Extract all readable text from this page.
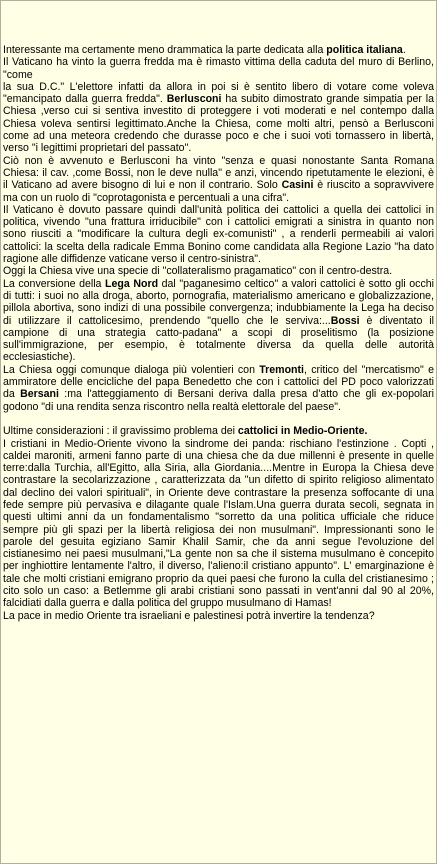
Interessante ma certamente meno drammatica la parte dedicata alla politica italiana.

Il Vaticano ha vinto la guerra fredda ma è rimasto vittima della caduta del muro di Berlino, "come

la sua D.C." L'elettore infatti da allora in poi si è sentito libero di votare come voleva "emancipato dalla guerra fredda". Berlusconi ha subito dimostrato grande simpatia per la Chiesa ,verso cui si sentiva investito di proteggere i voti moderati e nel contempo dalla Chiesa voleva sentirsi legittimato.Anche la Chiesa, come molti altri, pensò a Berlusconi come ad una meteora credendo che durasse poco e che i suoi voti tornassero in libertà, verso "i legittimi proprietari del passato".

Ciò non è avvenuto e Berlusconi ha vinto "senza e quasi nonostante Santa Romana Chiesa: il cav. ,come Bossi, non le deve nulla" e anzi, vincendo ripetutamente le elezioni, è il Vaticano ad avere bisogno di lui e non il contrario. Solo Casini è riuscito a sopravvivere ma con un ruolo di "coprotagonista e percentuali a una cifra".

Il Vaticano è dovuto passare quindi dall'unità politica dei cattolici a quella dei cattolici in politica, vivendo "una frattura irriducibile" con i cattolici emigrati a sinistra in quanto non sono riusciti a "modificare la cultura degli ex-comunisti" , a renderli permeabili ai valori cattolici: la scelta della radicale Emma Bonino come candidata alla Regione Lazio "ha dato ragione alle diffidenze vaticane verso il centro-sinistra".

Oggi la Chiesa vive una specie di "collateralismo pragamatico" con il centro-destra.

La conversione della Lega Nord dal "paganesimo celtico" a valori cattolici è sotto gli occhi di tutti: i suoi no alla droga, aborto, pornografia, materialismo americano e globalizzazione, pillola abortiva, sono indizi di una possibile convergenza; indubbiamente la Lega ha deciso di utilizzare il cattolicesimo, prendendo "quello che le serviva:...Bossi è diventato il campione di una strategia catto-padana" a scopi di proselitismo (la posizione sull'immigrazione, per esempio, è totalmente diversa da quella delle autorità ecclesiastiche).

La Chiesa oggi comunque dialoga più volentieri con Tremonti, critico del "mercatismo" e ammiratore delle encicliche del papa Benedetto che con i cattolici del PD poco valorizzati da Bersani :ma l'atteggiamento di Bersani deriva dalla presa d'atto che gli ex-popolari godono "di una rendita senza riscontro nella realtà elettorale del paese".

Ultime considerazioni : il gravissimo problema dei cattolici in Medio-Oriente.

I cristiani in Medio-Oriente vivono la sindrome dei panda: rischiano l'estinzione . Copti , caldei maroniti, armeni fanno parte di una chiesa che da due millenni è presente in quelle terre:dalla Turchia, all'Egitto, alla Siria, alla Giordania....Mentre in Europa la Chiesa deve contrastare la secolarizzazione , caratterizzata da "un difetto di spirito religioso alimentato dal declino dei valori spirituali", in Oriente deve contrastare la presenza soffocante di una fede sempre più pervasiva e dilagante quale l'Islam.Una guerra durata secoli, segnata in questi ultimi anni da un fondamentalismo "sorretto da una politica ufficiale che riduce sempre più gli spazi per la libertà religiosa dei non musulmani". Impressionanti sono le parole del gesuita egiziano Samir Khalil Samir, che da anni segue l'evoluzione del cistianesimo nei paesi musulmani,"La gente non sa che il sistema musulmano è concepito per inghiottire lentamente l'altro, il diverso, l'alieno:il cristiano appunto". L' emarginazione è tale che molti cristiani emigrano proprio da quei paesi che furono la culla del cristianesimo ; cito solo un caso: a Betlemme gli arabi cristiani sono passati in vent'anni dal 90 al 20%, falcidiati dalla guerra e dalla politica del gruppo musulmano di Hamas!

La pace in medio Oriente tra israeliani e palestinesi potrà invertire la tendenza?
